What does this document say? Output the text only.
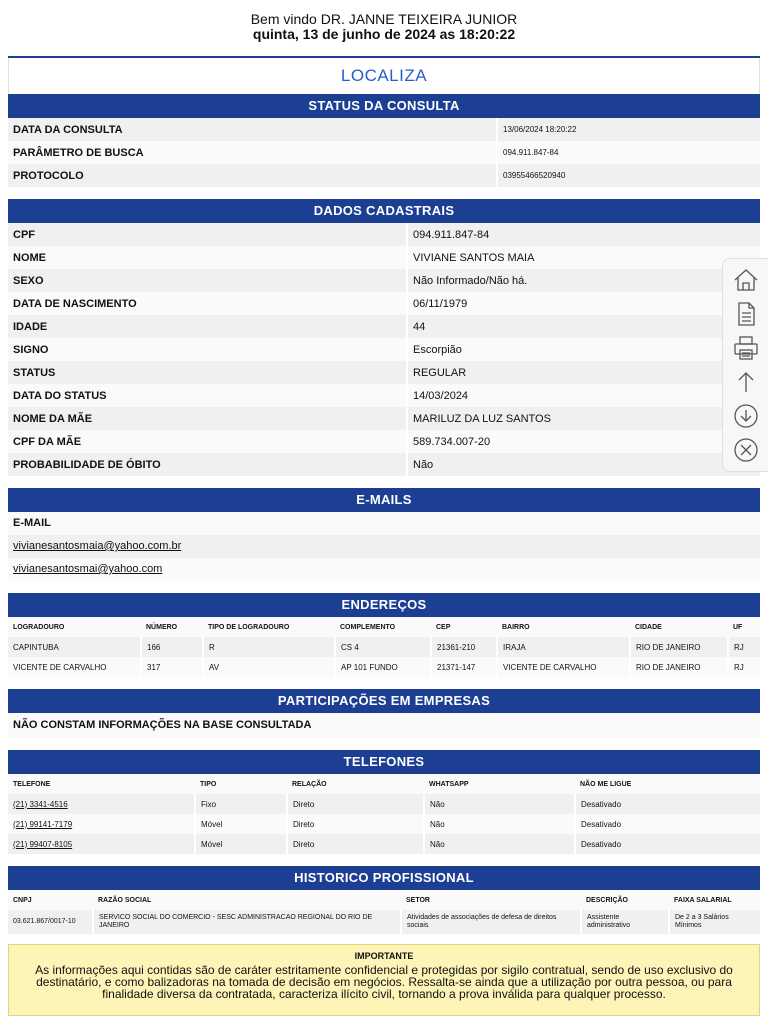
Bem vindo DR. JANNE TEIXEIRA JUNIOR
quinta, 13 de junho de 2024 as 18:20:22
LOCALIZA
STATUS DA CONSULTA
DATA DA CONSULTA	13/06/2024 18:20:22
PARÂMETRO DE BUSCA	094.911.847-84
PROTOCOLO	03955466520940
DADOS CADASTRAIS
CPF	094.911.847-84
NOME	VIVIANE SANTOS MAIA
SEXO	Não Informado/Não há.
DATA DE NASCIMENTO	06/11/1979
IDADE	44
SIGNO	Escorpião
STATUS	REGULAR
DATA DO STATUS	14/03/2024
NOME DA MÃE	MARILUZ DA LUZ SANTOS
CPF DA MÃE	589.734.007-20
PROBABILIDADE DE ÓBITO	Não
E-MAILS
E-MAIL
vivianesantosmaia@yahoo.com.br
vivianesantosmai@yahoo.com
ENDEREÇOS
LOGRADOURO	NÚMERO	TIPO DE LOGRADOURO	COMPLEMENTO	CEP	BAIRRO	CIDADE	UF
CAPINTUBA	166	R	CS 4	21361-210	IRAJA	RIO DE JANEIRO	RJ
VICENTE DE CARVALHO	317	AV	AP 101 FUNDO	21371-147	VICENTE DE CARVALHO	RIO DE JANEIRO	RJ
PARTICIPAÇÕES EM EMPRESAS
NÃO CONSTAM INFORMAÇÕES NA BASE CONSULTADA
TELEFONES
TELEFONE	TIPO	RELAÇÃO	WHATSAPP	NÃO ME LIGUE
(21) 3341-4516	Fixo	Direto	Não	Desativado
(21) 99141-7179	Móvel	Direto	Não	Desativado
(21) 99407-8105	Móvel	Direto	Não	Desativado
HISTORICO PROFISSIONAL
CNPJ	RAZÃO SOCIAL	SETOR	DESCRIÇÃO	FAIXA SALARIAL
03.621.867/0017-10	SERVICO SOCIAL DO COMERCIO - SESC ADMINISTRACAO REGIONAL DO RIO DE JANEIRO	Atividades de associações de defesa de direitos sociais	Assistente administrativo	De 2 a 3 Salários Mínimos
IMPORTANTE
As informações aqui contidas são de caráter estritamente confidencial e protegidas por sigilo contratual, sendo de uso exclusivo do destinatário, e como balizadoras na tomada de decisão em negócios. Ressalta-se ainda que a utilização por outra pessoa, ou para finalidade diversa da contratada, caracteriza ilícito civil, tornando a prova inválida para qualquer processo.
